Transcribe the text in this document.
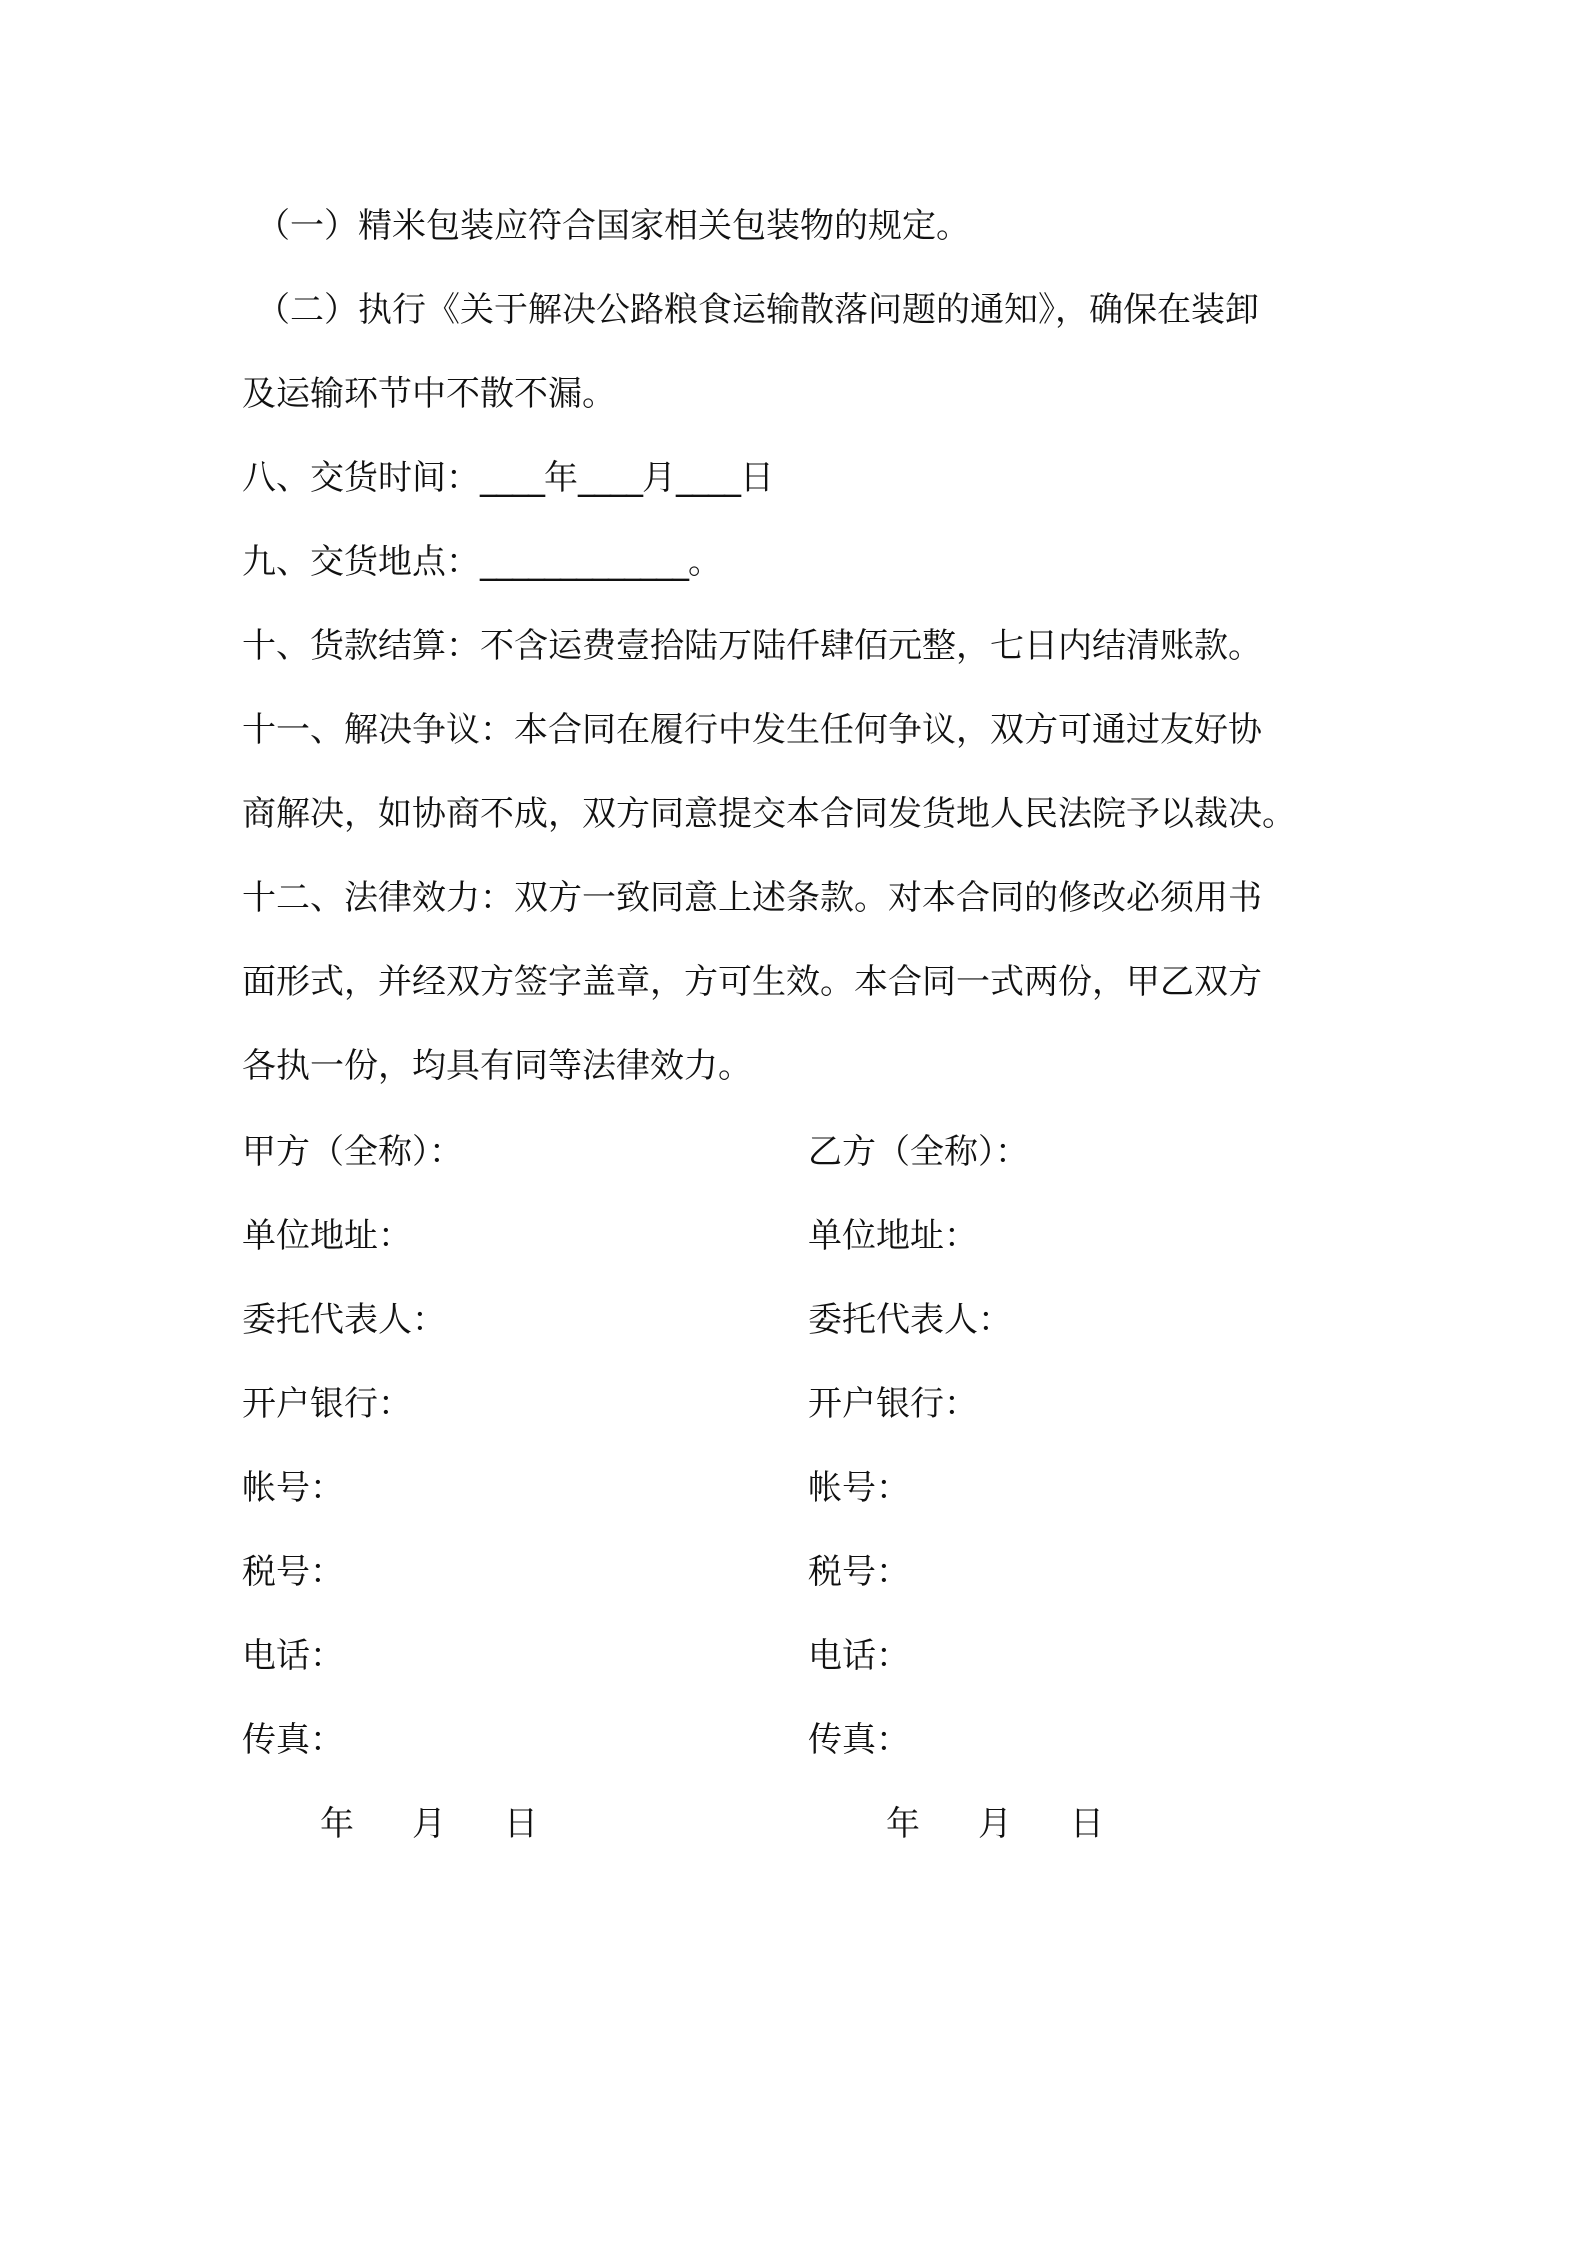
（一）精米包装应符合国家相关包装物的规定。

（二）执行《关于解决公路粮食运输散落问题的通知》，确保在装卸
及运输环节中不散不漏。

八、交货时间：____年____月____日

九、交货地点：_____________。

十、货款结算：不含运费壹拾陆万陆仟肆佰元整，七日内结清账款。

十一、解决争议：本合同在履行中发生任何争议，双方可通过友好协
商解决，如协商不成，双方同意提交本合同发货地人民法院予以裁决。
十二、法律效力：双方一致同意上述条款。对本合同的修改必须用书
面形式，并经双方签字盖章，方可生效。本合同一式两份，甲乙双方
各执一份，均具有同等法律效力。
甲方（全称）：
单位地址：
委托代表人：
开户银行：
帐号：
税号：
电话：
传真：
年 月 日
乙方（全称）：
单位地址：
委托代表人：
开户银行：
帐号：
税号：
电话：
传真：
年 月 日
